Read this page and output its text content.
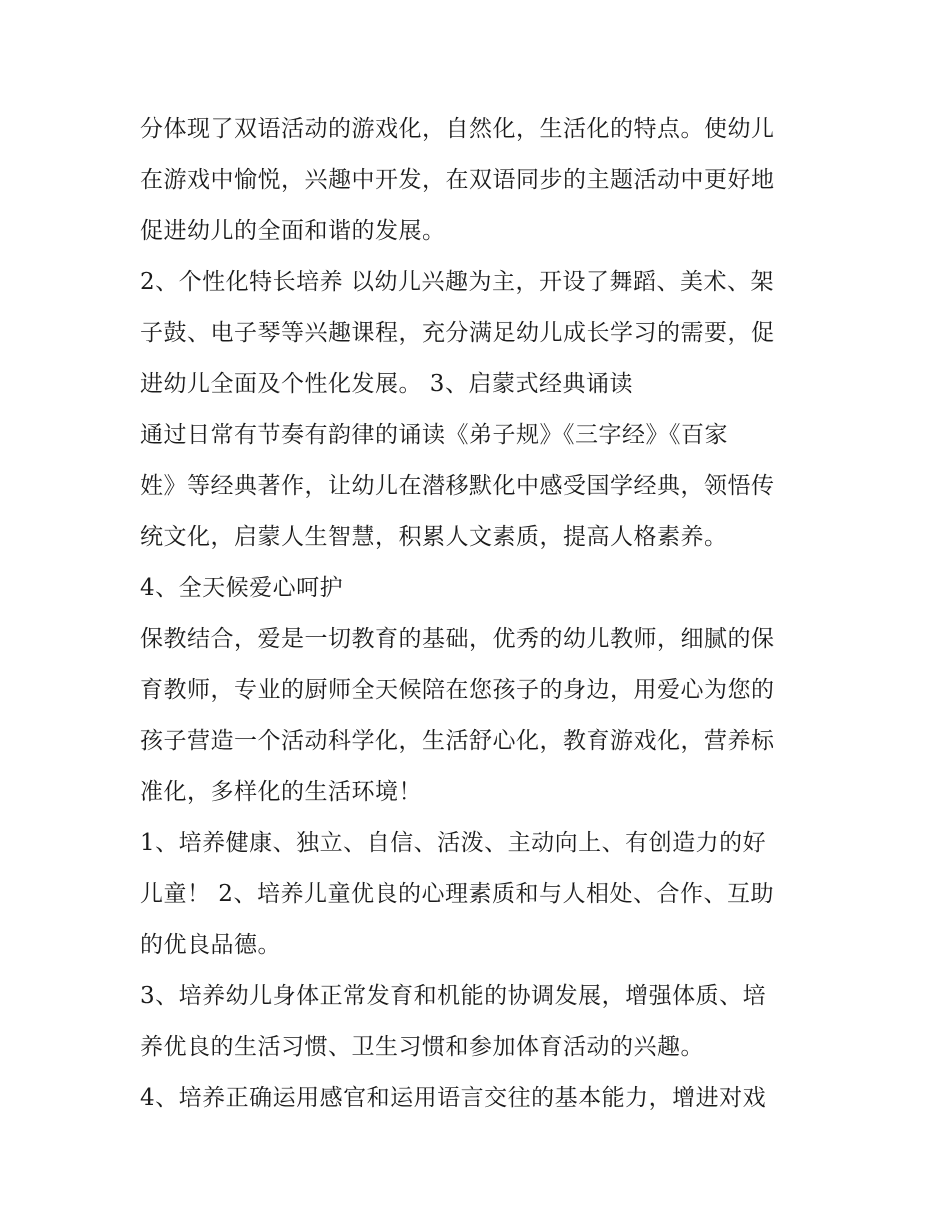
分体现了双语活动的游戏化，自然化，生活化的特点。使幼儿
在游戏中愉悦，兴趣中开发，在双语同步的主题活动中更好地
促进幼儿的全面和谐的发展。
2、个性化特长培养 以幼儿兴趣为主，开设了舞蹈、美术、架
子鼓、电子琴等兴趣课程，充分满足幼儿成长学习的需要，促
进幼儿全面及个性化发展。 3、启蒙式经典诵读
通过日常有节奏有韵律的诵读《弟子规》《三字经》《百家
姓》等经典著作，让幼儿在潜移默化中感受国学经典，领悟传
统文化，启蒙人生智慧，积累人文素质，提高人格素养。
4、全天候爱心呵护
保教结合，爱是一切教育的基础，优秀的幼儿教师，细腻的保
育教师，专业的厨师全天候陪在您孩子的身边，用爱心为您的
孩子营造一个活动科学化，生活舒心化，教育游戏化，营养标
准化，多样化的生活环境！
1、培养健康、独立、自信、活泼、主动向上、有创造力的好
儿童！ 2、培养儿童优良的心理素质和与人相处、合作、互助
的优良品德。
3、培养幼儿身体正常发育和机能的协调发展，增强体质、培
养优良的生活习惯、卫生习惯和参加体育活动的兴趣。
4、培养正确运用感官和运用语言交往的基本能力，增进对戏
